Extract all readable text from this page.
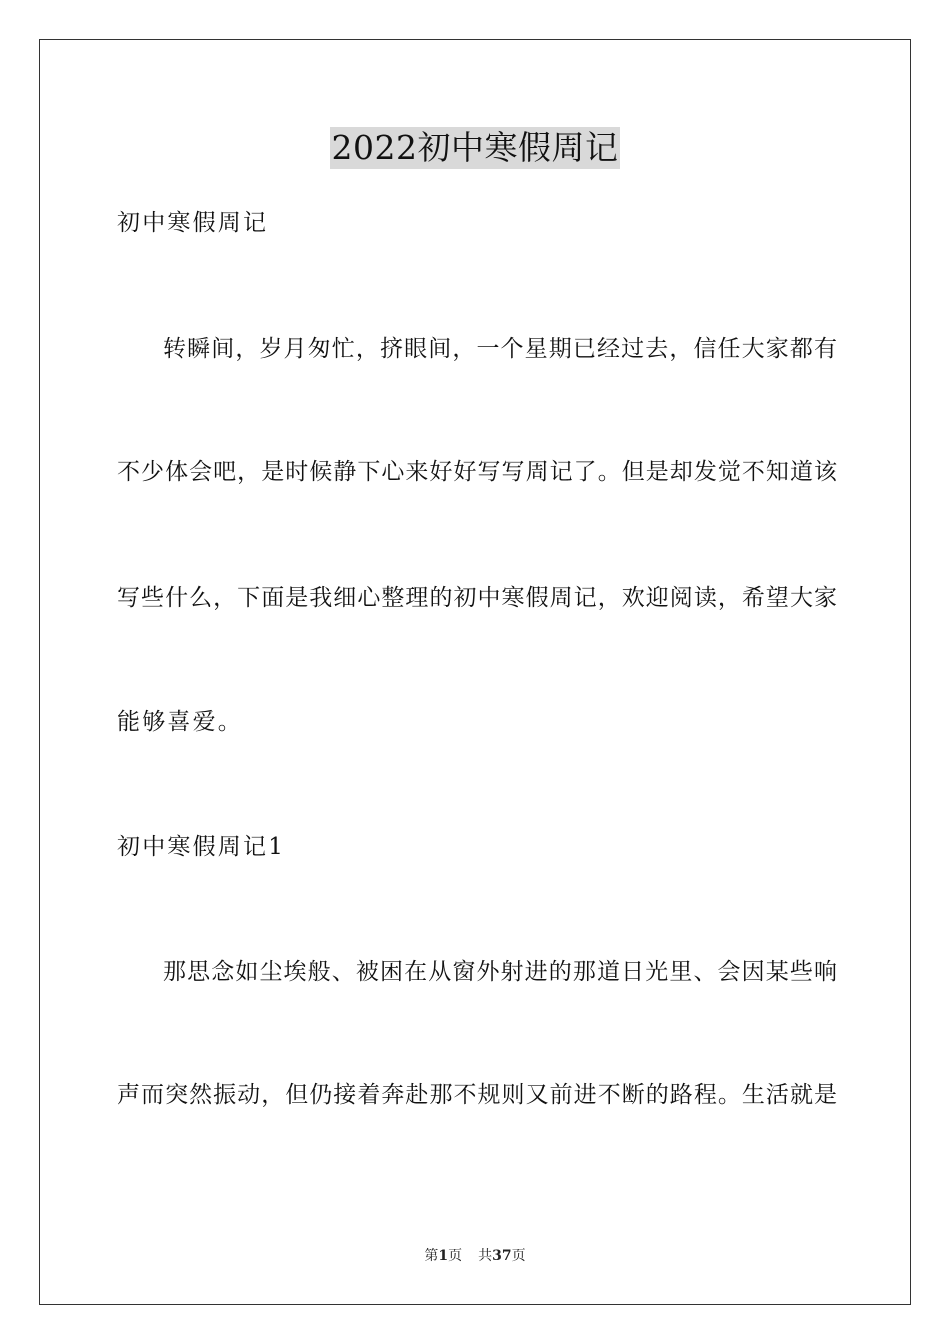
2022初中寒假周记
初中寒假周记
转瞬间，岁月匆忙，挤眼间，一个星期已经过去，信任大家都有
不少体会吧，是时候静下心来好好写写周记了。但是却发觉不知道该
写些什么，下面是我细心整理的初中寒假周记，欢迎阅读，希望大家
能够喜爱。
初中寒假周记1
那思念如尘埃般、被困在从窗外射进的那道日光里、会因某些响
声而突然振动，但仍接着奔赴那不规则又前进不断的路程。生活就是
第1页 共37页
